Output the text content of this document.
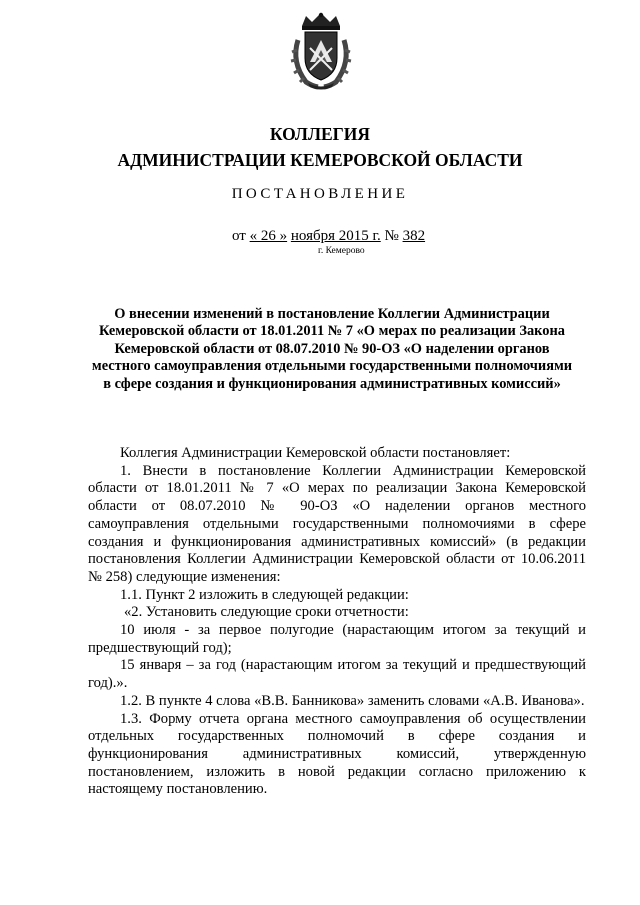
КОЛЛЕГИЯ
АДМИНИСТРАЦИИ КЕМЕРОВСКОЙ ОБЛАСТИ
ПОСТАНОВЛЕНИЕ
от « 26 » ноября 2015 г. № 382
г. Кемерово
О внесении изменений в постановление Коллегии Администрации Кемеровской области от 18.01.2011 № 7 «О мерах по реализации Закона Кемеровской области от 08.07.2010 № 90-ОЗ «О наделении органов местного самоуправления отдельными государственными полномочиями в сфере создания и функционирования административных комиссий»

Коллегия Администрации Кемеровской области постановляет:

1. Внести в постановление Коллегии Администрации Кемеровской области от 18.01.2011 № 7 «О мерах по реализации Закона Кемеровской области от 08.07.2010 № 90-ОЗ «О наделении органов местного самоуправления отдельными государственными полномочиями в сфере создания и функционирования административных комиссий» (в редакции постановления Коллегии Администрации Кемеровской области от 10.06.2011 № 258) следующие изменения:

1.1. Пункт 2 изложить в следующей редакции:

«2. Установить следующие сроки отчетности:

10 июля - за первое полугодие (нарастающим итогом за текущий и предшествующий год);

15 января – за год (нарастающим итогом за текущий и предшествующий год).».

1.2. В пункте 4 слова «В.В. Банникова» заменить словами «А.В. Иванова».

1.3. Форму отчета органа местного самоуправления об осуществлении отдельных государственных полномочий в сфере создания и функционирования административных комиссий, утвержденную постановлением, изложить в новой редакции согласно приложению к настоящему постановлению.
